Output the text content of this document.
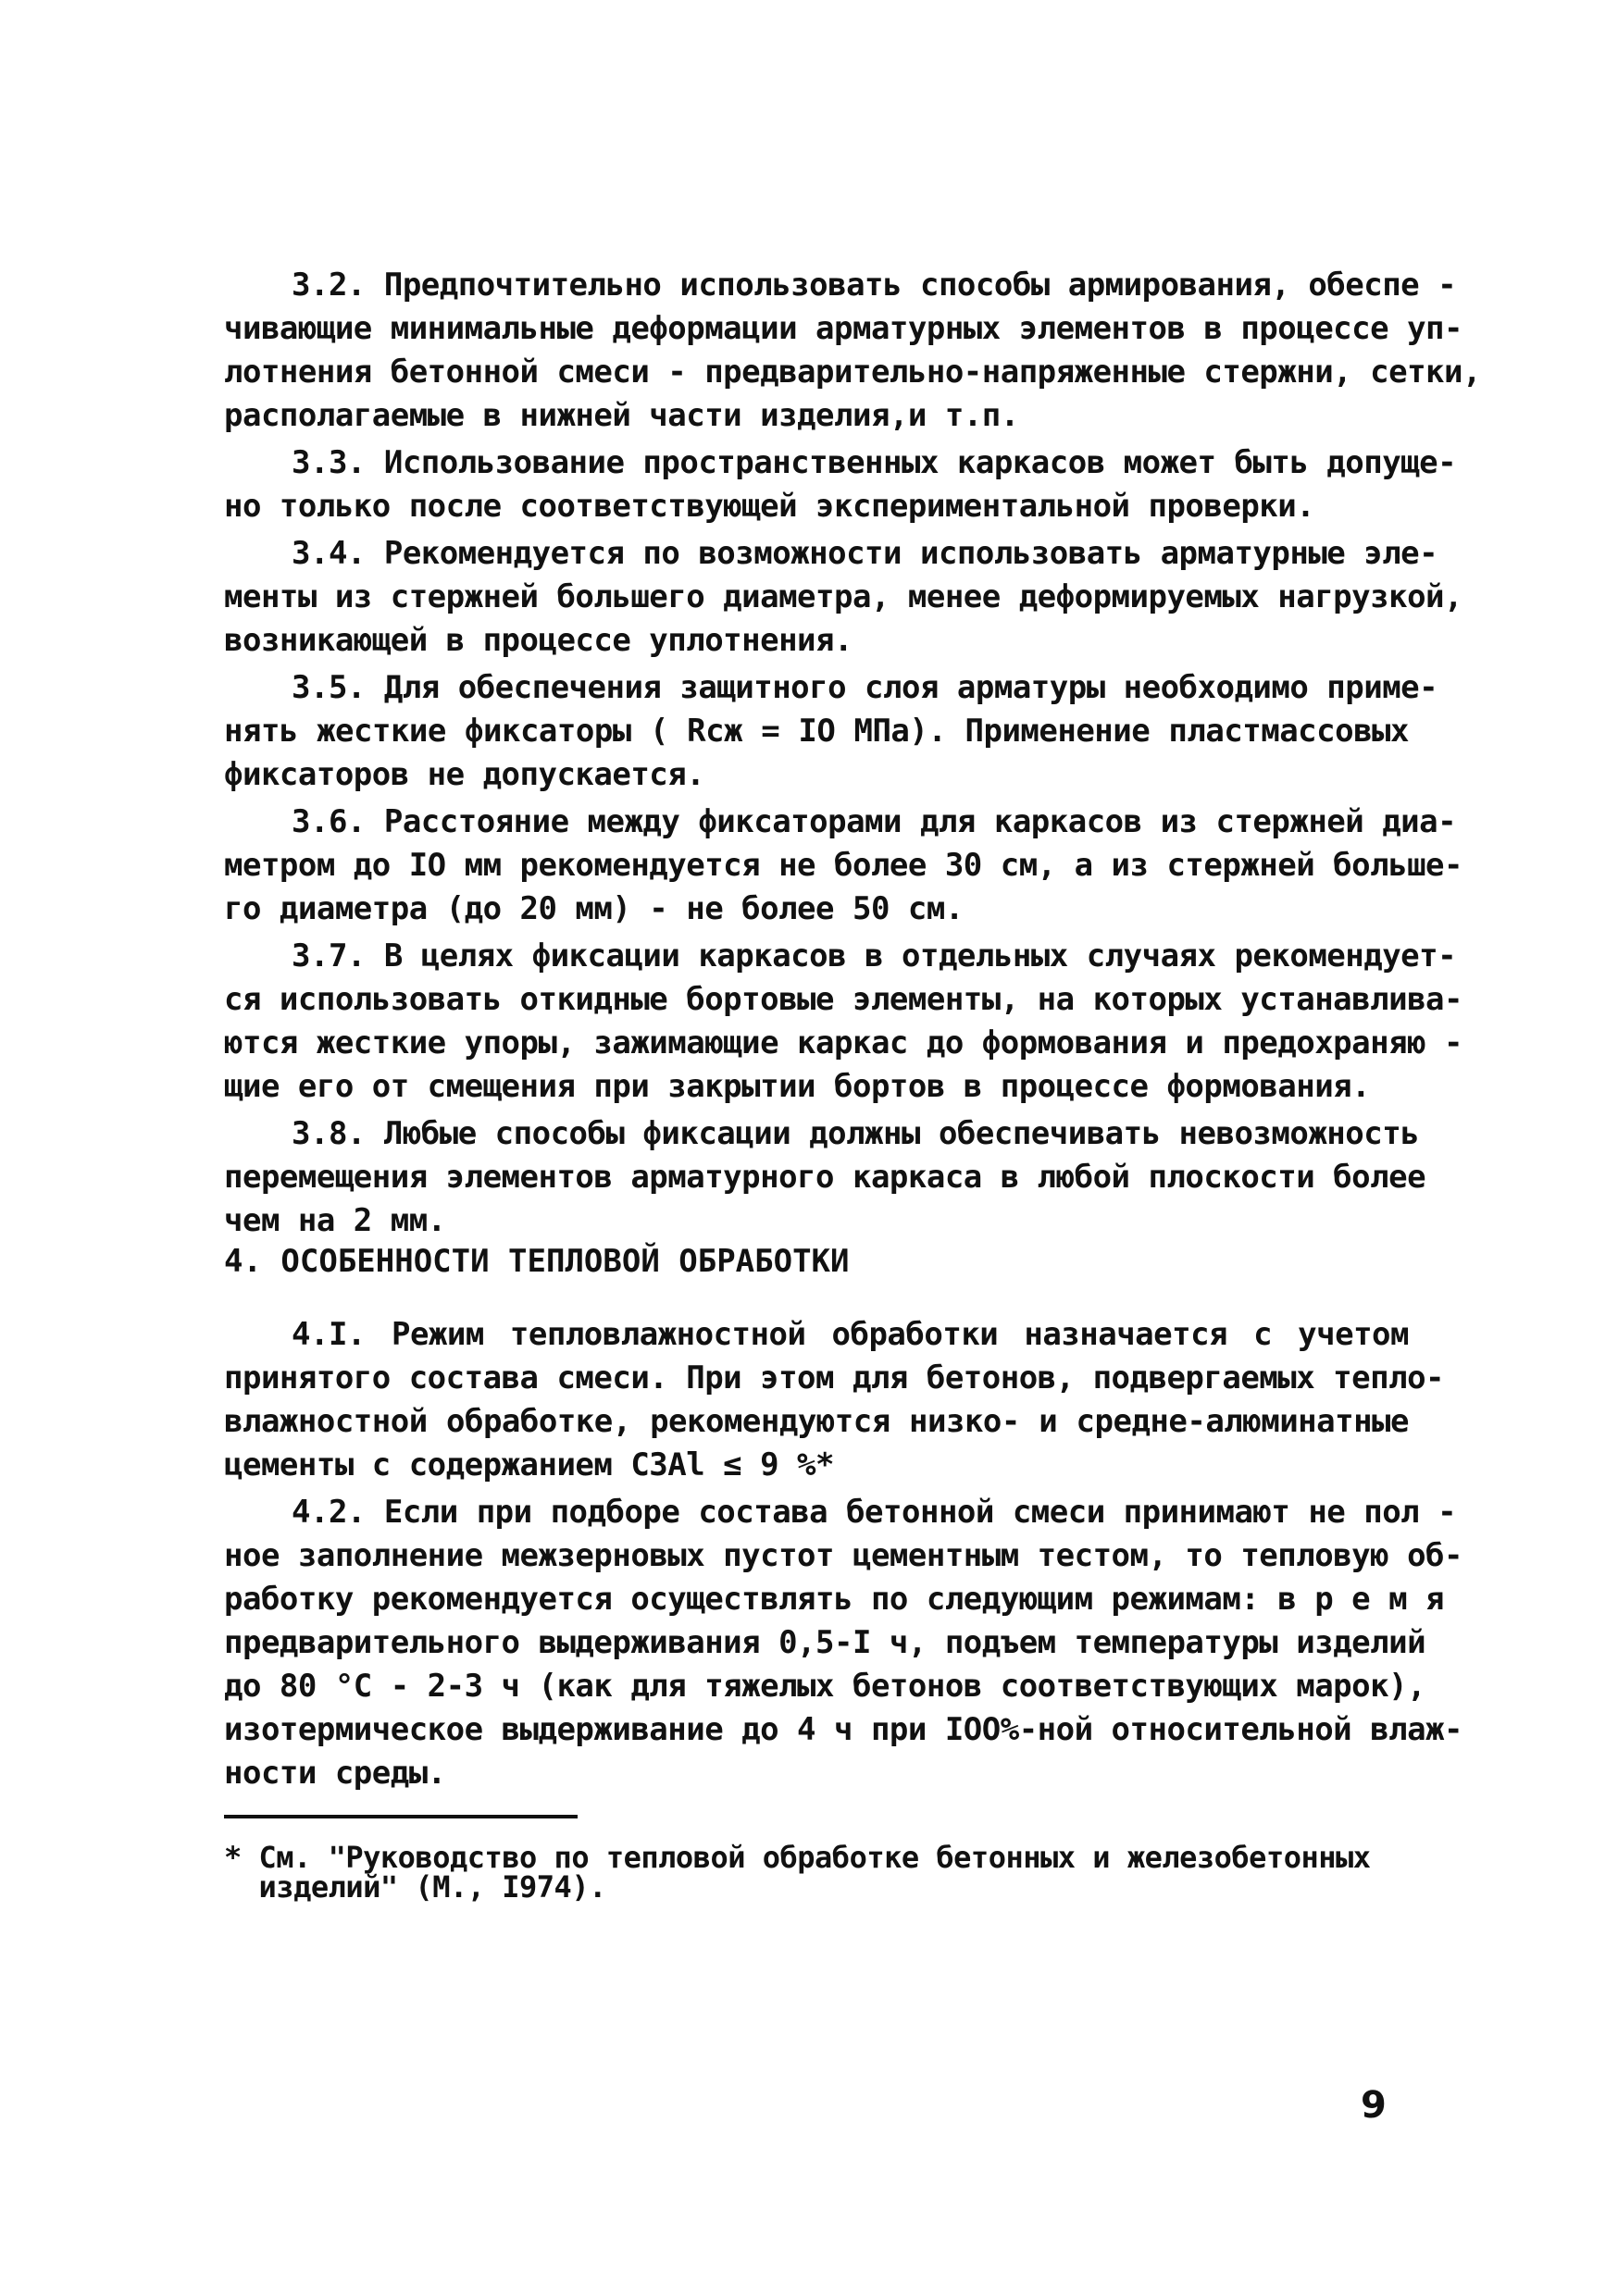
3.2. Предпочтительно использовать способы армирования, обеспе -
чивающие минимальные деформации арматурных элементов в процессе уп-
лотнения бетонной смеси - предварительно-напряженные стержни, сетки,
располагаемые в нижней части изделия,и т.п.
3.3. Использование пространственных каркасов может быть допуще-
но только после соответствующей экспериментальной проверки.
3.4. Рекомендуется по возможности использовать арматурные эле-
менты из стержней большего диаметра, менее деформируемых нагрузкой,
возникающей в процессе уплотнения.
3.5. Для обеспечения защитного слоя арматуры необходимо приме-
нять жесткие фиксаторы ( Rсж = IO МПа). Применение пластмассовых
фиксаторов не допускается.
3.6. Расстояние между фиксаторами для каркасов из стержней диа-
метром до IO мм рекомендуется не более 30 см, а из стержней больше-
го диаметра (до 20 мм) - не более 50 см.
3.7. В целях фиксации каркасов в отдельных случаях рекомендует-
ся использовать откидные бортовые элементы, на которых устанавлива-
ются жесткие упоры, зажимающие каркас до формования и предохраняю -
щие его от смещения при закрытии бортов в процессе формования.
3.8. Любые способы фиксации должны обеспечивать невозможность
перемещения элементов арматурного каркаса в любой плоскости более
чем на 2 мм.
4. ОСОБЕННОСТИ ТЕПЛОВОЙ ОБРАБОТКИ
4.I. Режим тепловлажностной обработки назначается с учетом
принятого состава смеси. При этом для бетонов, подвергаемых тепло-
влажностной обработке, рекомендуются низко- и средне-алюминатные
цементы с содержанием C3Al ≤ 9 %*
4.2. Если при подборе состава бетонной смеси принимают не пол -
ное заполнение межзерновых пустот цементным тестом, то тепловую об-
работку рекомендуется осуществлять по следующим режимам: в р е м я
предварительного выдерживания 0,5-I ч, подъем температуры изделий
до 80 °С - 2-3 ч (как для тяжелых бетонов соответствующих марок),
изотермическое выдерживание до 4 ч при IOO%-ной относительной влаж-
ности среды.
* См. "Руководство по тепловой обработке бетонных и железобетонных
изделий" (М., I974).
9
